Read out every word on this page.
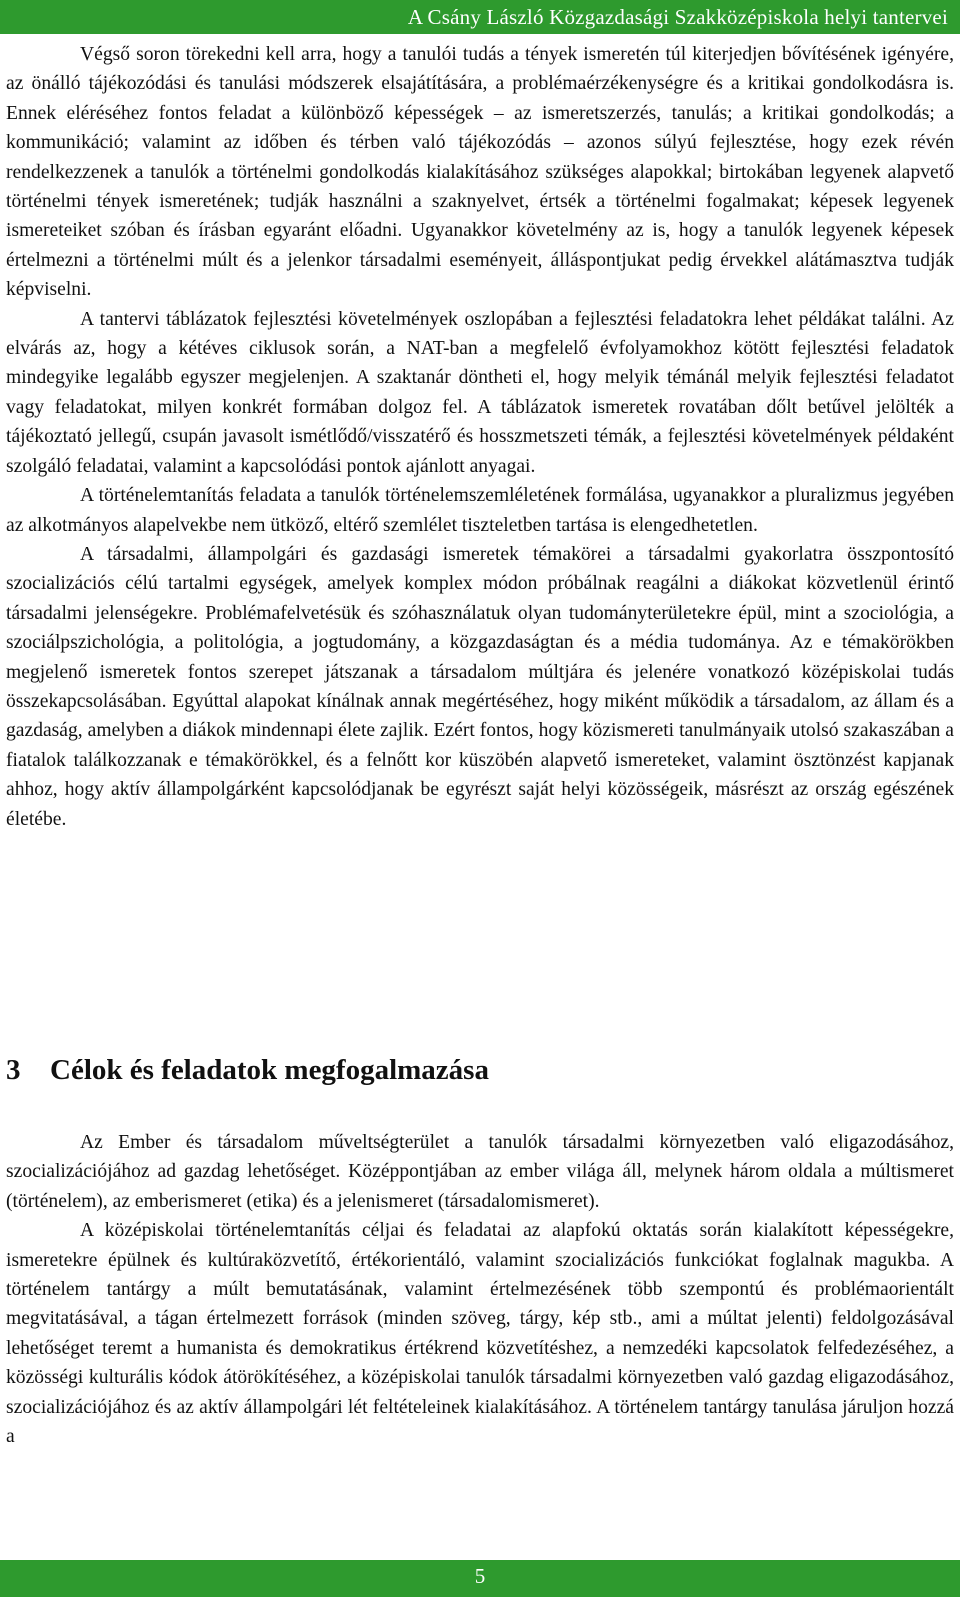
A Csány László Közgazdasági Szakközépiskola helyi tantervei

Végső soron törekedni kell arra, hogy a tanulói tudás a tények ismeretén túl kiterjedjen bővítésének igényére, az önálló tájékozódási és tanulási módszerek elsajátítására, a problémaérzékenységre és a kritikai gondolkodásra is. Ennek eléréséhez fontos feladat a különböző képességek – az ismeretszerzés, tanulás; a kritikai gondolkodás; a kommunikáció; valamint az időben és térben való tájékozódás – azonos súlyú fejlesztése, hogy ezek révén rendelkezzenek a tanulók a történelmi gondolkodás kialakításához szükséges alapokkal; birtokában legyenek alapvető történelmi tények ismeretének; tudják használni a szaknyelvet, értsék a történelmi fogalmakat; képesek legyenek ismereteiket szóban és írásban egyaránt előadni. Ugyanakkor követelmény az is, hogy a tanulók legyenek képesek értelmezni a történelmi múlt és a jelenkor társadalmi eseményeit, álláspontjukat pedig érvekkel alátámasztva tudják képviselni.

A tantervi táblázatok fejlesztési követelmények oszlopában a fejlesztési feladatokra lehet példákat találni. Az elvárás az, hogy a kétéves ciklusok során, a NAT-ban a megfelelő évfolyamokhoz kötött fejlesztési feladatok mindegyike legalább egyszer megjelenjen. A szaktanár döntheti el, hogy melyik témánál melyik fejlesztési feladatot vagy feladatokat, milyen konkrét formában dolgoz fel. A táblázatok ismeretek rovatában dőlt betűvel jelölték a tájékoztató jellegű, csupán javasolt ismétlődő/visszatérő és hosszmetszeti témák, a fejlesztési követelmények példaként szolgáló feladatai, valamint a kapcsolódási pontok ajánlott anyagai.

A történelemtanítás feladata a tanulók történelemszemléletének formálása, ugyanakkor a pluralizmus jegyében az alkotmányos alapelvekbe nem ütköző, eltérő szemlélet tiszteletben tartása is elengedhetetlen.

A társadalmi, állampolgári és gazdasági ismeretek témakörei a társadalmi gyakorlatra összpontosító szocializációs célú tartalmi egységek, amelyek komplex módon próbálnak reagálni a diákokat közvetlenül érintő társadalmi jelenségekre. Problémafelvetésük és szóhasználatuk olyan tudományterületekre épül, mint a szociológia, a szociálpszichológia, a politológia, a jogtudomány, a közgazdaságtan és a média tudománya. Az e témakörökben megjelenő ismeretek fontos szerepet játszanak a társadalom múltjára és jelenére vonatkozó középiskolai tudás összekapcsolásában. Egyúttal alapokat kínálnak annak megértéséhez, hogy miként működik a társadalom, az állam és a gazdaság, amelyben a diákok mindennapi élete zajlik. Ezért fontos, hogy közismereti tanulmányaik utolsó szakaszában a fiatalok találkozzanak e témakörökkel, és a felnőtt kor küszöbén alapvető ismereteket, valamint ösztönzést kapjanak ahhoz, hogy aktív állampolgárként kapcsolódjanak be egyrészt saját helyi közösségeik, másrészt az ország egészének életébe.

3 Célok és feladatok megfogalmazása

Az Ember és társadalom műveltségterület a tanulók társadalmi környezetben való eligazodásához, szocializációjához ad gazdag lehetőséget. Középpontjában az ember világa áll, melynek három oldala a múltismeret (történelem), az emberismeret (etika) és a jelenismeret (társadalomismeret).

A középiskolai történelemtanítás céljai és feladatai az alapfokú oktatás során kialakított képességekre, ismeretekre épülnek és kultúraközvetítő, értékorientáló, valamint szocializációs funkciókat foglalnak magukba. A történelem tantárgy a múlt bemutatásának, valamint értelmezésének több szempontú és problémaorientált megvitatásával, a tágan értelmezett források (minden szöveg, tárgy, kép stb., ami a múltat jelenti) feldolgozásával lehetőséget teremt a humanista és demokratikus értékrend közvetítéshez, a nemzedéki kapcsolatok felfedezéséhez, a közösségi kulturális kódok átörökítéséhez, a középiskolai tanulók társadalmi környezetben való gazdag eligazodásához, szocializációjához és az aktív állampolgári lét feltételeinek kialakításához. A történelem tantárgy tanulása járuljon hozzá a

5
